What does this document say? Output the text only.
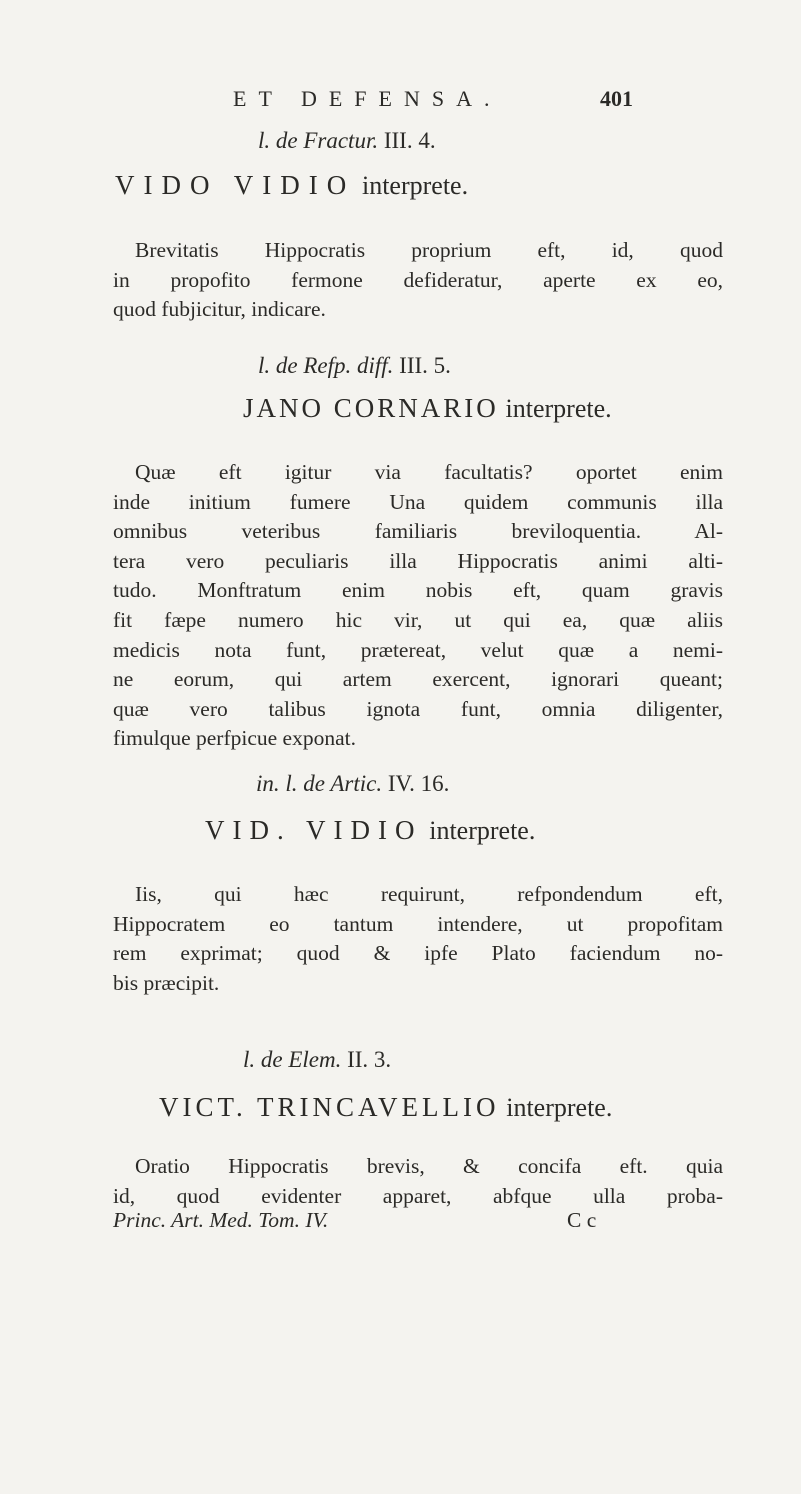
ET DEFENSA.	401
l. de Fractur. III. 4.
VIDO VIDIO interprete.
Brevitatis Hippocratis proprium eft, id, quod
in propofito fermone defideratur, aperte ex eo,
quod fubjicitur, indicare.
l. de Refp. diff. III. 5.
JANO CORNARIO interprete.
Quæ eft igitur via facultatis? oportet enim
inde initium fumere Una quidem communis illa
omnibus veteribus familiaris breviloquentia. Al-
tera vero peculiaris illa Hippocratis animi alti-
tudo. Monftratum enim nobis eft, quam gravis
fit fæpe numero hic vir, ut qui ea, quæ aliis
medicis nota funt, prætereat, velut quæ a nemi-
ne eorum, qui artem exercent, ignorari queant;
quæ vero talibus ignota funt, omnia diligenter,
fimulque perfpicue exponat.
in. l. de Artic. IV. 16.
VID. VIDIO interprete.
Iis, qui hæc requirunt, refpondendum eft,
Hippocratem eo tantum intendere, ut propofitam
rem exprimat; quod & ipfe Plato faciendum no-
bis præcipit.
l. de Elem. II. 3.
VICT. TRINCAVELLIO interprete.
Oratio Hippocratis brevis, & concifa eft. quia
id, quod evidenter apparet, abfque ulla proba-
Princ. Art. Med. Tom. IV.	C c
